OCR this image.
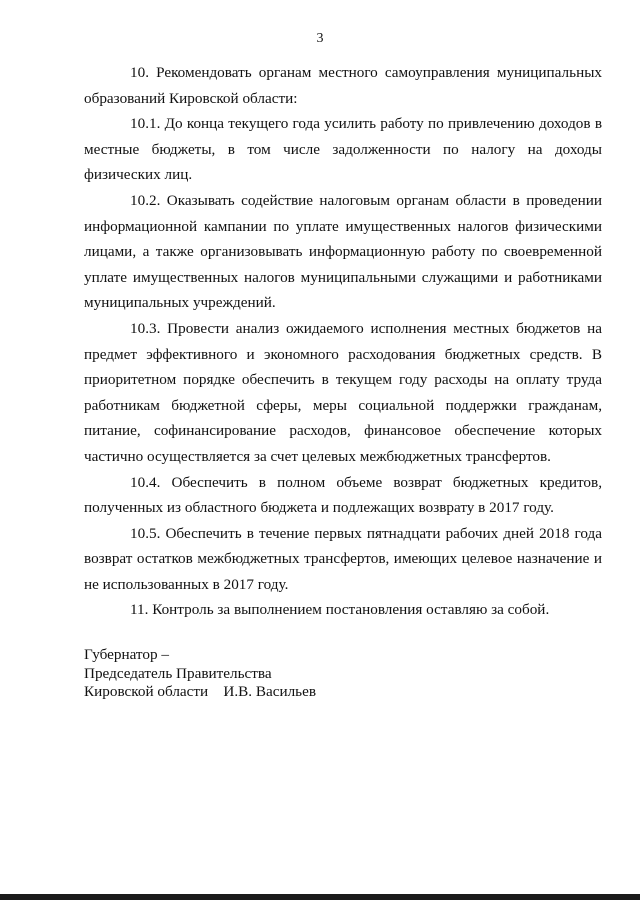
3

10. Рекомендовать органам местного самоуправления муниципальных образований Кировской области:

10.1. До конца текущего года усилить работу по привлечению доходов в местные бюджеты, в том числе задолженности по налогу на доходы физических лиц.

10.2. Оказывать содействие налоговым органам области в проведении информационной кампании по уплате имущественных налогов физическими лицами, а также организовывать информационную работу по своевременной уплате имущественных налогов муниципальными служащими и работниками муниципальных учреждений.

10.3. Провести анализ ожидаемого исполнения местных бюджетов на предмет эффективного и экономного расходования бюджетных средств. В приоритетном порядке обеспечить в текущем году расходы на оплату труда работникам бюджетной сферы, меры социальной поддержки гражданам, питание, софинансирование расходов, финансовое обеспечение которых частично осуществляется за счет целевых межбюджетных трансфертов.

10.4. Обеспечить в полном объеме возврат бюджетных кредитов, полученных из областного бюджета и подлежащих возврату в 2017 году.

10.5. Обеспечить в течение первых пятнадцати рабочих дней 2018 года возврат остатков межбюджетных трансфертов, имеющих целевое назначение и не использованных в 2017 году.

11. Контроль за выполнением постановления оставляю за собой.

Губернатор –

Председатель Правительства

Кировской области    И.В. Васильев
